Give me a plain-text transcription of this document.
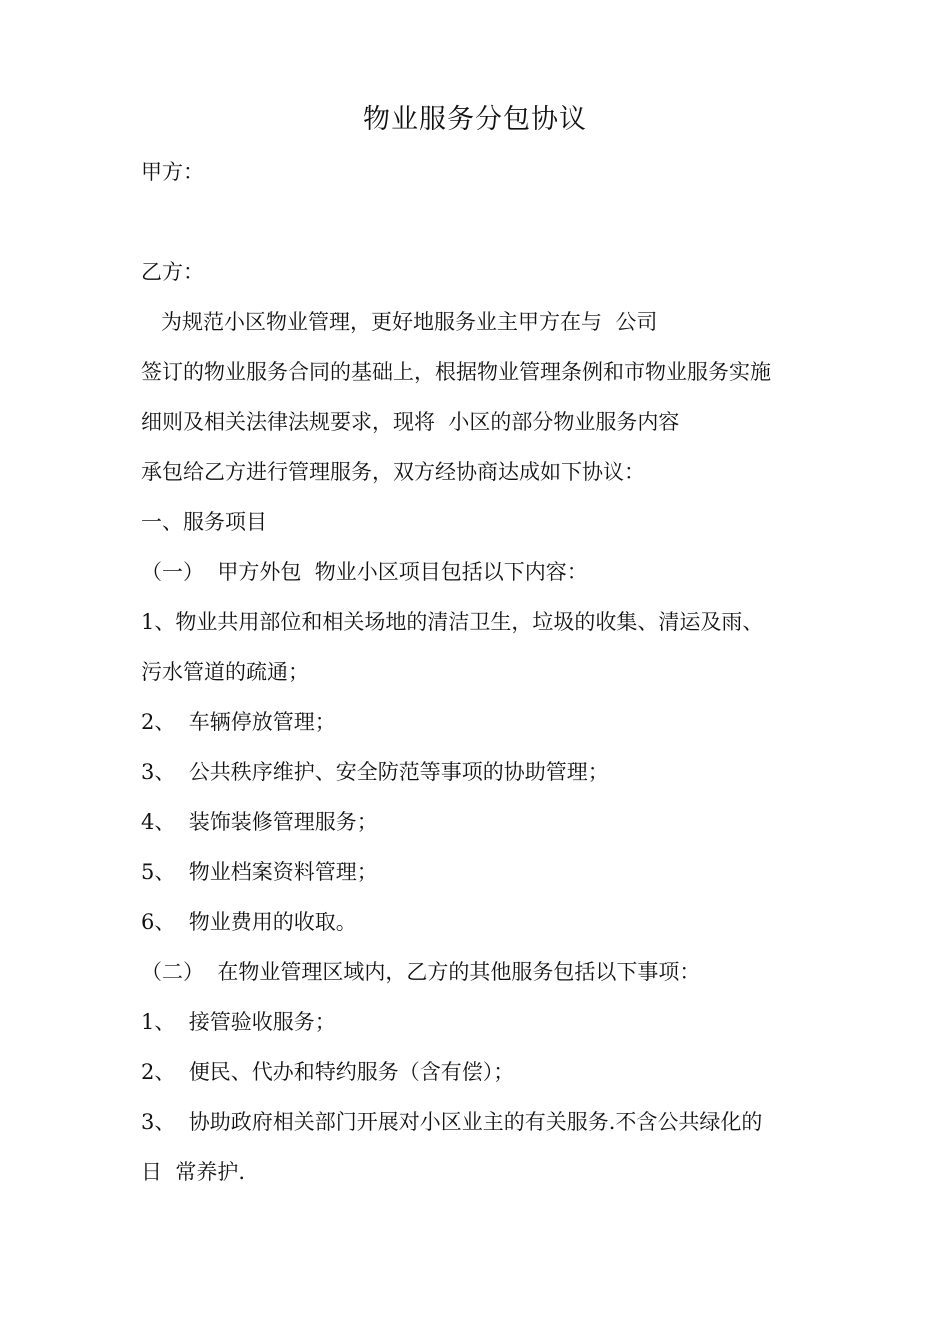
物业服务分包协议
甲方：
乙方：
为规范小区物业管理，更好地服务业主甲方在与  公司
签订的物业服务合同的基础上，根据物业管理条例和市物业服务实施
细则及相关法律法规要求，现将  小区的部分物业服务内容
承包给乙方进行管理服务，双方经协商达成如下协议：
一、服务项目
（一）  甲方外包  物业小区项目包括以下内容：
1、物业共用部位和相关场地的清洁卫生，垃圾的收集、清运及雨、
污水管道的疏通；
2、  车辆停放管理；
3、  公共秩序维护、安全防范等事项的协助管理；
4、  装饰装修管理服务；
5、  物业档案资料管理；
6、  物业费用的收取。
（二）  在物业管理区域内，乙方的其他服务包括以下事项：
1、  接管验收服务；
2、  便民、代办和特约服务（含有偿）；
3、  协助政府相关部门开展对小区业主的有关服务.不含公共绿化的
日  常养护.
